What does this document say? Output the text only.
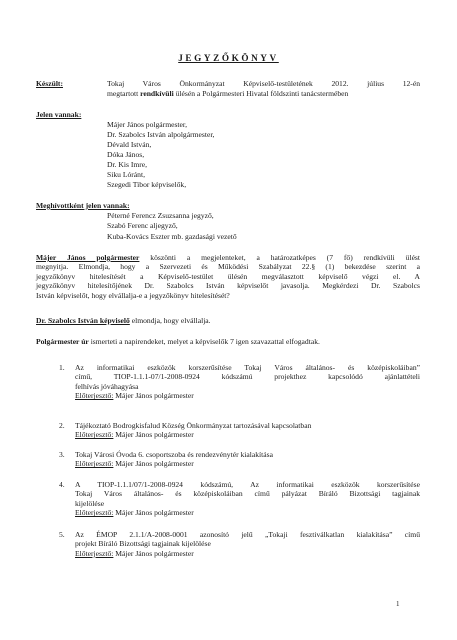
JEGYZŐKÖNYV
Készült:	Tokaj Város Önkormányzat Képviselő-testületének 2012. július 12-én
megtartott rendkívüli ülésén a Polgármesteri Hivatal földszinti tanácstermében
Jelen vannak:
Májer János polgármester,
Dr. Szabolcs István alpolgármester,
Dévald István,
Dóka János,
Dr. Kis Imre,
Siku Lóránt,
Szegedi Tibor képviselők,
Meghívottként jelen vannak:
Péterné Ferencz Zsuzsanna jegyző,
Szabó Ferenc aljegyző,
Kuba-Kovács Eszter mb. gazdasági vezető
Májer János polgármester köszönti a megjelenteket, a határozatképes (7 fő) rendkívüli ülést
megnyitja. Elmondja, hogy a Szervezeti és Működési Szabályzat 22.§ (1) bekezdése szerint a
jegyzőkönyv hitelesítését a Képviselő-testület ülésén megválasztott képviselő végzi el. A
jegyzőkönyv hitelesítőjének Dr. Szabolcs István képviselőt javasolja. Megkérdezi Dr. Szabolcs
István képviselőt, hogy elvállalja-e a jegyzőkönyv hitelesítését?
Dr. Szabolcs István képviselő elmondja, hogy elvállalja.
Polgármester úr ismerteti a napirendeket, melyet a képviselők 7 igen szavazattal elfogadtak.
1. Az informatikai eszközök korszerűsítése Tokaj Város általános- és középiskoláiban”
című, TIOP-1.1.1-07/1-2008-0924 kódszámú projekthez kapcsolódó ajánlattételi
felhívás jóváhagyása
Előterjesztő: Májer János polgármester
2. Tájékoztató Bodrogkisfalud Község Önkormányzat tartozásával kapcsolatban
Előterjesztő: Májer János polgármester
3. Tokaj Városi Óvoda 6. csoportszoba és rendezvénytér kialakítása
Előterjesztő: Májer János polgármester
4. A TIOP-1.1.1/07/1-2008-0924 kódszámú, Az informatikai eszközök korszerűsítése
Tokaj Város általános- és középiskoláiban című pályázat Bíráló Bizottsági tagjainak
kijelölése
Előterjesztő: Májer János polgármester
5. Az ÉMOP 2.1.1/A-2008-0001 azonosító jelű „Tokaji fesztiválkatlan kialakítása” című
projekt Bíráló Bizottsági tagjainak kijelölése
Előterjesztő: Májer János polgármester
1
